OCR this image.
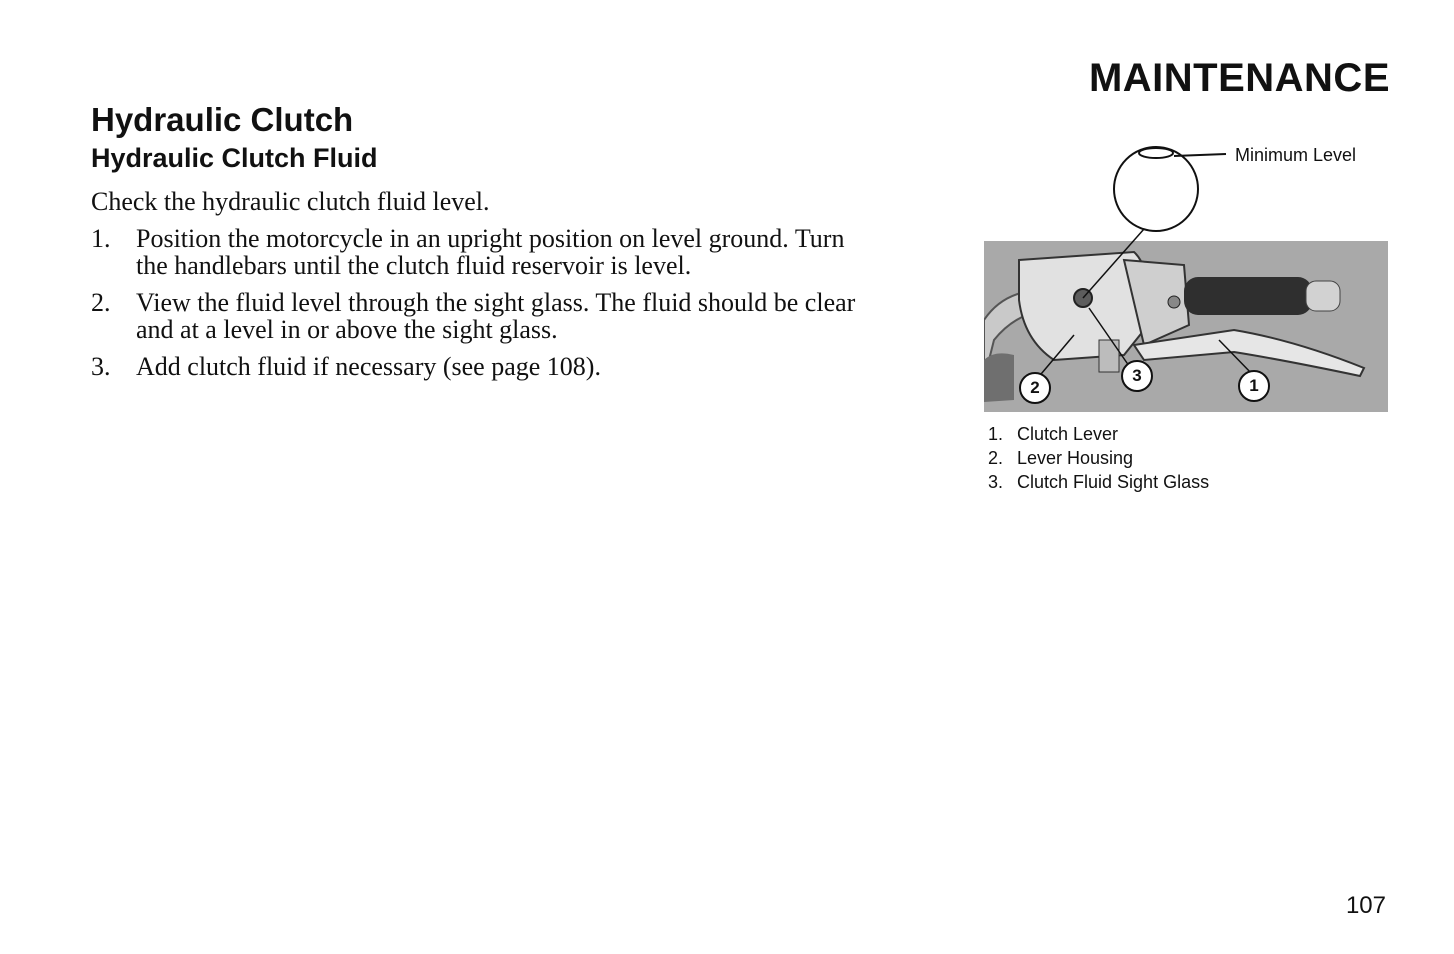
MAINTENANCE
Hydraulic Clutch
Hydraulic Clutch Fluid

Check the hydraulic clutch fluid level.

1. Position the motorcycle in an upright position on level ground. Turn the handlebars until the clutch fluid reservoir is level.
2. View the fluid level through the sight glass. The fluid should be clear and at a level in or above the sight glass.
3. Add clutch fluid if necessary (see page 108).
Minimum Level
3
2	1
1. Clutch Lever
2. Lever Housing
3. Clutch Fluid Sight Glass
107
